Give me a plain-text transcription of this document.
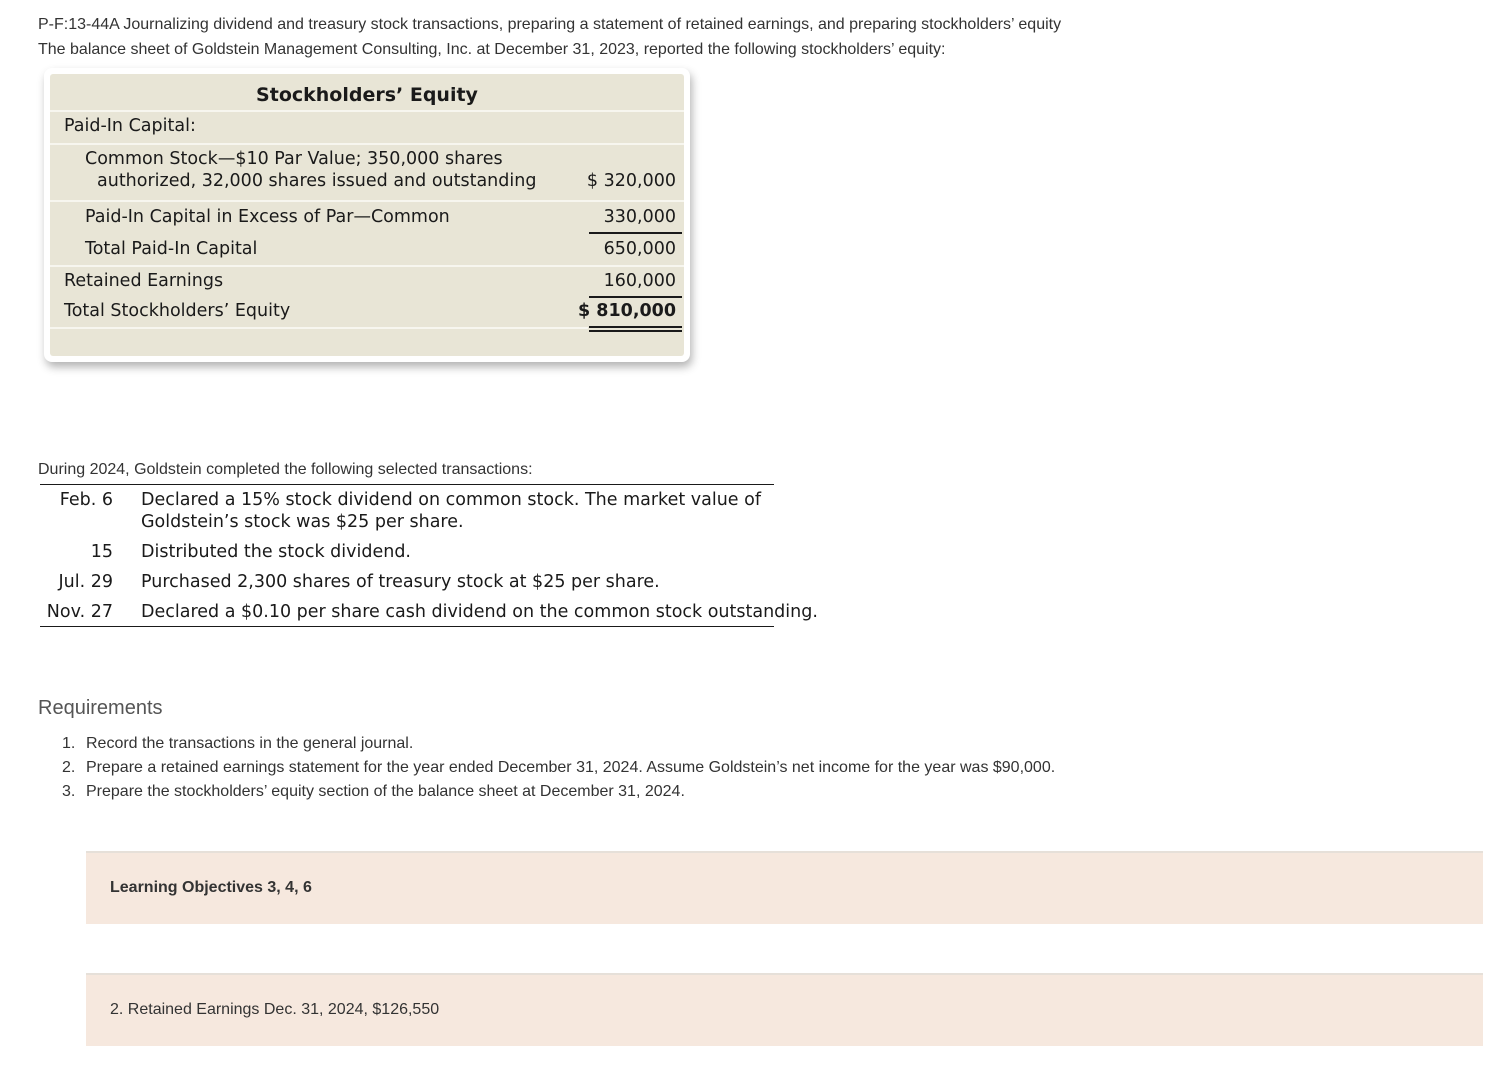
P-F:13-44A Journalizing dividend and treasury stock transactions, preparing a statement of retained earnings, and preparing stockholders’ equity
The balance sheet of Goldstein Management Consulting, Inc. at December 31, 2023, reported the following stockholders’ equity:
Stockholders’ Equity
Paid-In Capital:
Common Stock—$10 Par Value; 350,000 shares
authorized, 32,000 shares issued and outstanding	$ 320,000
Paid-In Capital in Excess of Par—Common	330,000
Total Paid-In Capital	650,000
Retained Earnings	160,000
Total Stockholders’ Equity	$ 810,000
During 2024, Goldstein completed the following selected transactions:
Feb. 6 Declared a 15% stock dividend on common stock. The market value of
Goldstein’s stock was $25 per share.
15 Distributed the stock dividend.
Jul. 29 Purchased 2,300 shares of treasury stock at $25 per share.
Nov. 27 Declared a $0.10 per share cash dividend on the common stock outstanding.
Requirements
1. Record the transactions in the general journal.
2. Prepare a retained earnings statement for the year ended December 31, 2024. Assume Goldstein’s net income for the year was $90,000.
3. Prepare the stockholders’ equity section of the balance sheet at December 31, 2024.
Learning Objectives 3, 4, 6
2. Retained Earnings Dec. 31, 2024, $126,550
